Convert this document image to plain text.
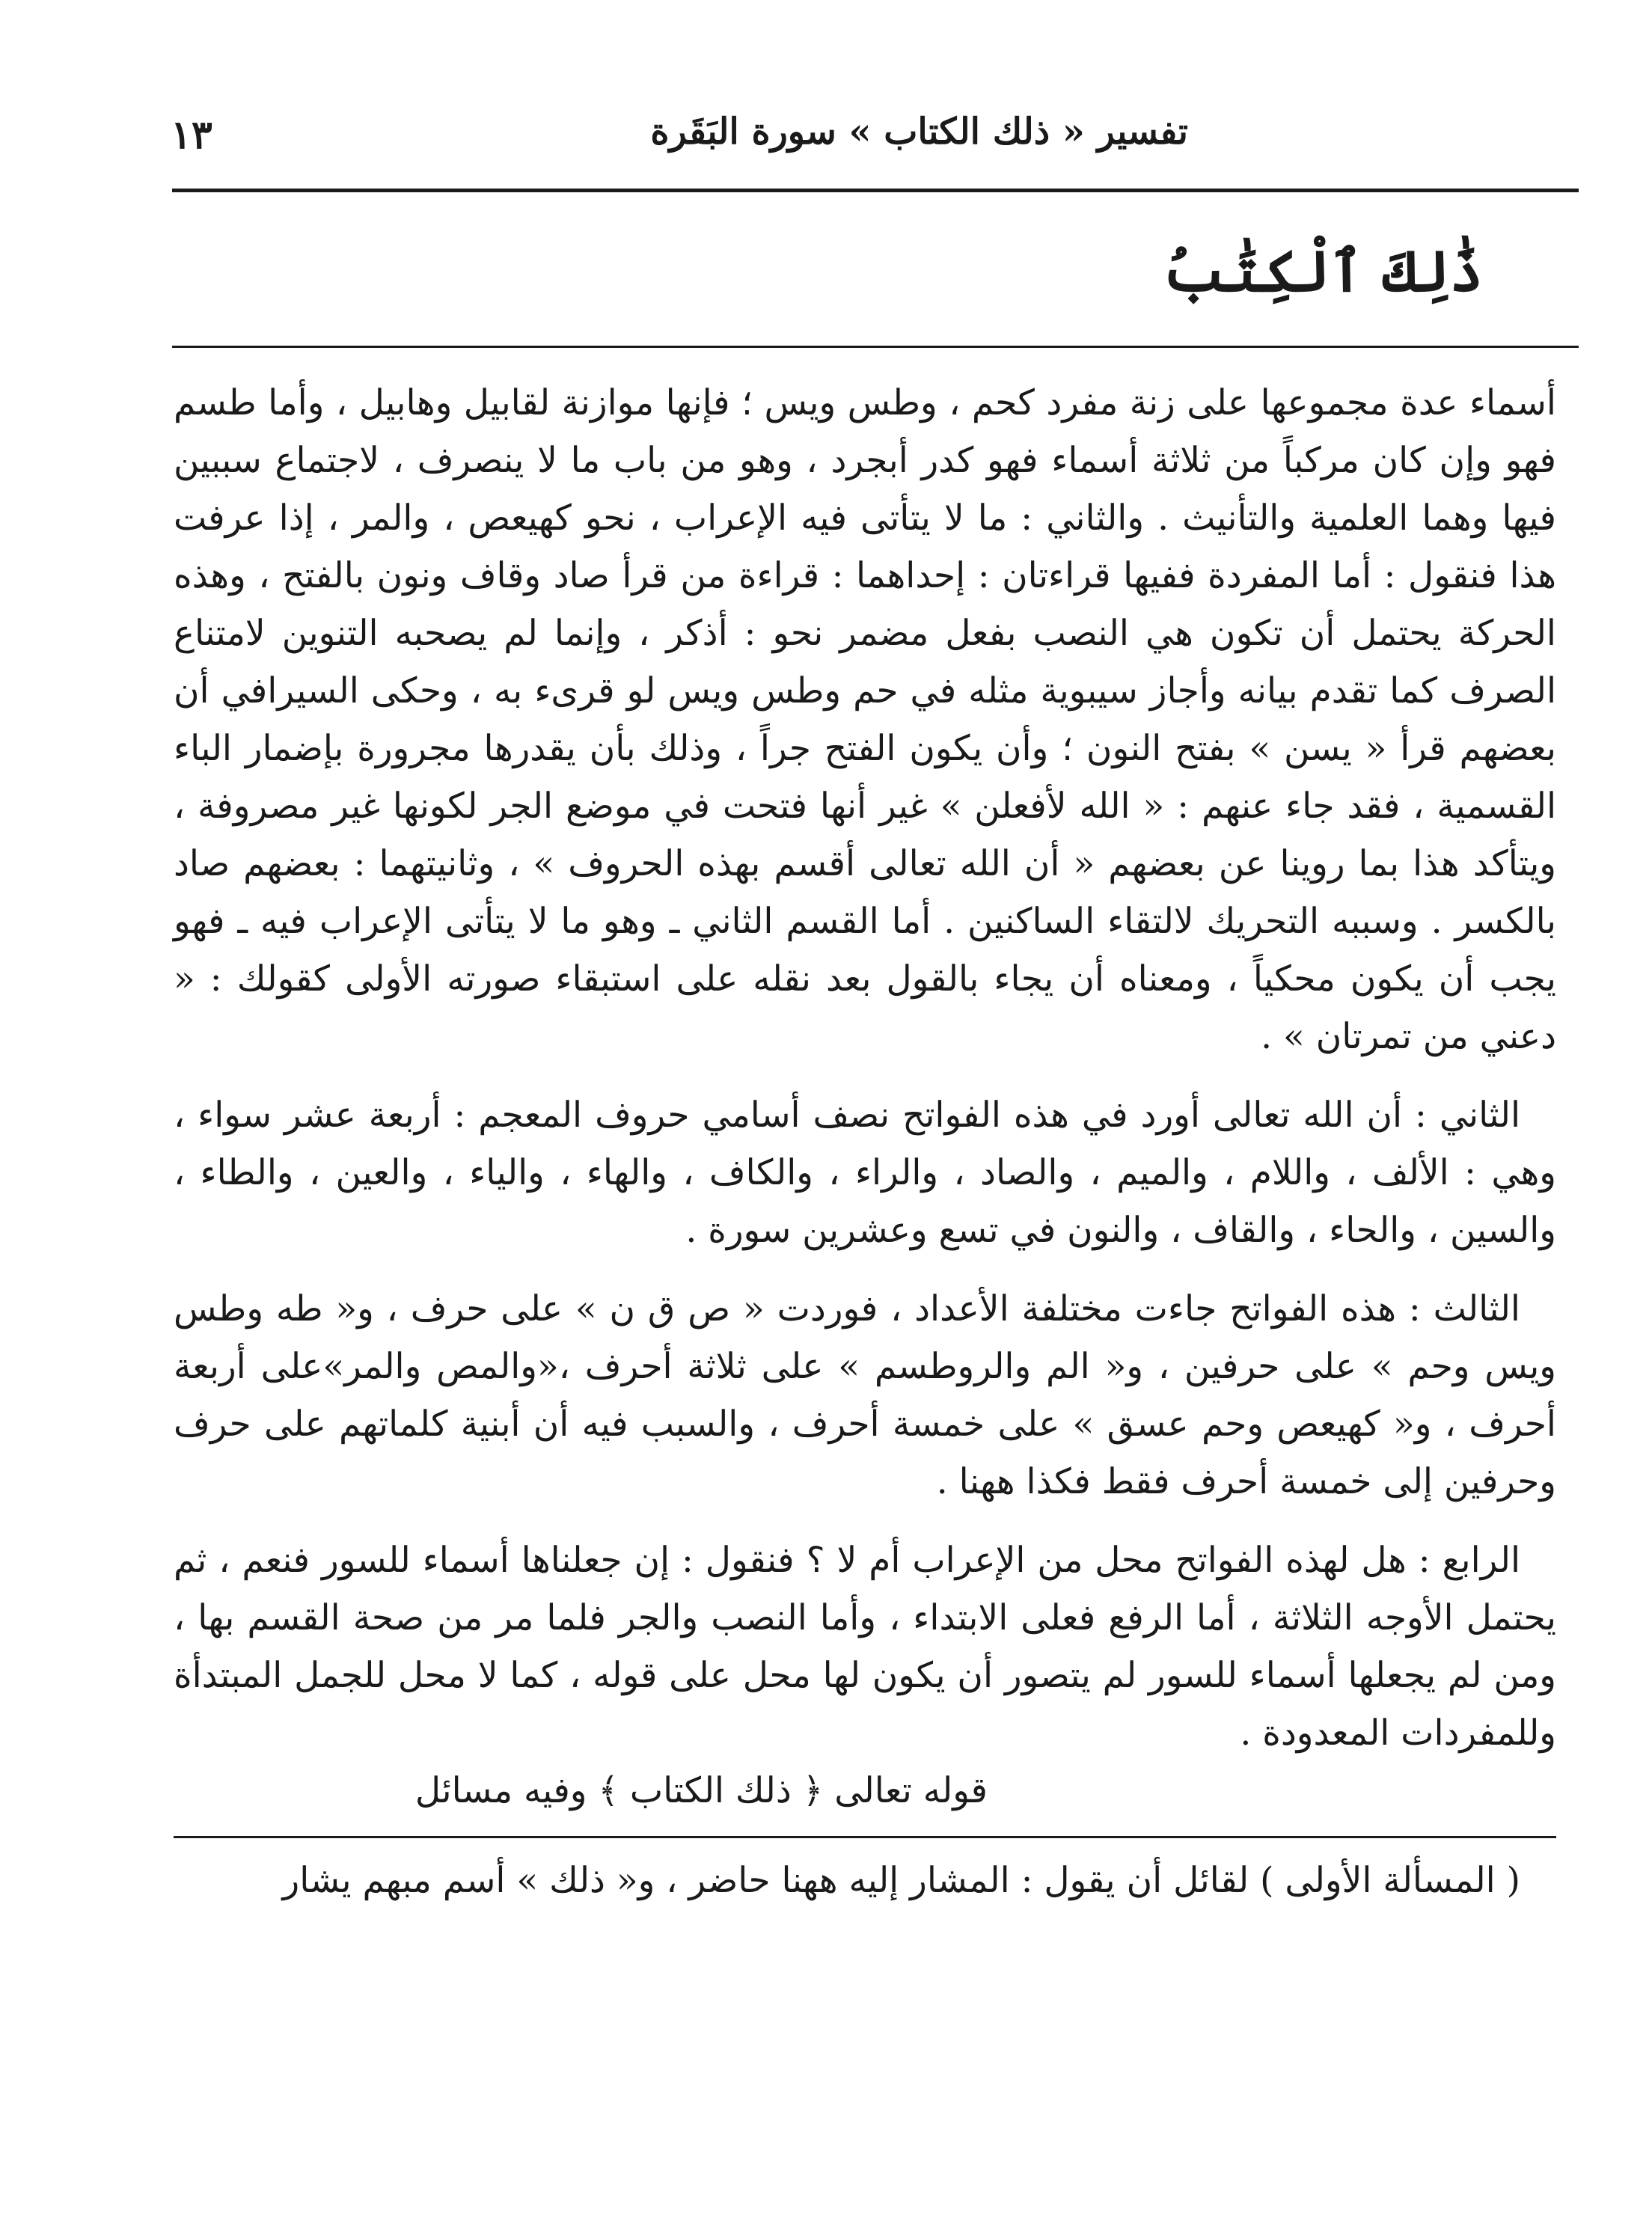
١٣	تفسير « ذلك الكتاب » سورة البَقَرة
ذَٰلِكَ ٱلْكِتَٰبُ

أسماء عدة مجموعها على زنة مفرد كحم ، وطس ويس ؛ فإنها موازنة لقابيل وهابيل ، وأما طسم فهو وإن كان مركباً من ثلاثة أسماء فهو كدر أبجرد ، وهو من باب ما لا ينصرف ، لاجتماع سببين فيها وهما العلمية والتأنيث . والثاني : ما لا يتأتى فيه الإعراب ، نحو كهيعص ، والمر ، إذا عرفت هذا فنقول : أما المفردة ففيها قراءتان : إحداهما : قراءة من قرأ صاد وقاف ونون بالفتح ، وهذه الحركة يحتمل أن تكون هي النصب بفعل مضمر نحو : أذكر ، وإنما لم يصحبه التنوين لامتناع الصرف كما تقدم بيانه وأجاز سيبوية مثله في حم وطس ويس لو قرىء به ، وحكى السيرافي أن بعضهم قرأ « يسن » بفتح النون ؛ وأن يكون الفتح جراً ، وذلك بأن يقدرها مجرورة بإضمار الباء القسمية ، فقد جاء عنهم : « الله لأفعلن » غير أنها فتحت في موضع الجر لكونها غير مصروفة ، ويتأكد هذا بما روينا عن بعضهم « أن الله تعالى أقسم بهذه الحروف » ، وثانيتهما : بعضهم صاد بالكسر . وسببه التحريك لالتقاء الساكنين . أما القسم الثاني ـ وهو ما لا يتأتى الإعراب فيه ـ فهو يجب أن يكون محكياً ، ومعناه أن يجاء بالقول بعد نقله على استبقاء صورته الأولى كقولك : « دعني من تمرتان » .

الثاني : أن الله تعالى أورد في هذه الفواتح نصف أسامي حروف المعجم : أربعة عشر سواء ، وهي : الألف ، واللام ، والميم ، والصاد ، والراء ، والكاف ، والهاء ، والياء ، والعين ، والطاء ، والسين ، والحاء ، والقاف ، والنون في تسع وعشرين سورة .

الثالث : هذه الفواتح جاءت مختلفة الأعداد ، فوردت « ص ق ن » على حرف ، و« طه وطس ويس وحم » على حرفين ، و« الم والروطسم » على ثلاثة أحرف ،«والمص والمر»على أربعة أحرف ، و« كهيعص وحم عسق » على خمسة أحرف ، والسبب فيه أن أبنية كلماتهم على حرف وحرفين إلى خمسة أحرف فقط فكذا ههنا .

الرابع : هل لهذه الفواتح محل من الإعراب أم لا ؟ فنقول : إن جعلناها أسماء للسور فنعم ، ثم يحتمل الأوجه الثلاثة ، أما الرفع فعلى الابتداء ، وأما النصب والجر فلما مر من صحة القسم بها ، ومن لم يجعلها أسماء للسور لم يتصور أن يكون لها محل على قوله ، كما لا محل للجمل المبتدأة وللمفردات المعدودة .

قوله تعالى ﴿ ذلك الكتاب ﴾ وفيه مسائل

( المسألة الأولى ) لقائل أن يقول : المشار إليه ههنا حاضر ، و« ذلك » أسم مبهم يشار
